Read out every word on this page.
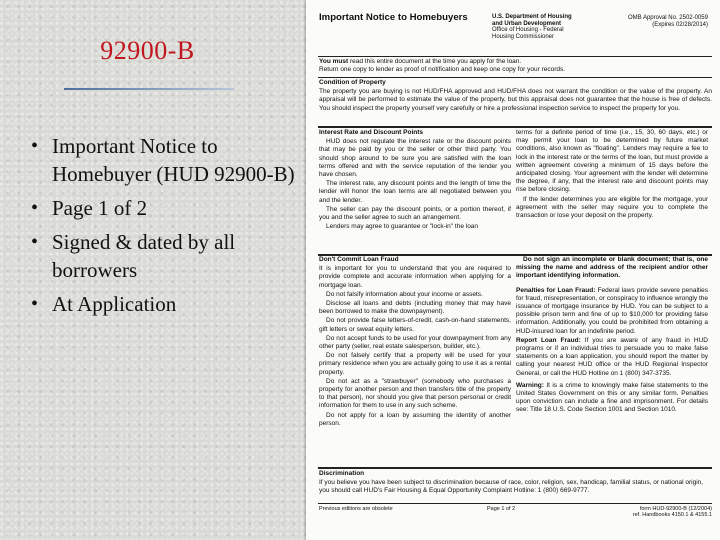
92900-B
• Important Notice to Homebuyer (HUD 92900-B)
• Page 1 of 2
• Signed & dated by all borrowers
• At Application
Important Notice to Homebuyers	U.S. Department of Housing
and Urban Development
Office of Housing - Federal
Housing Commissioner
OMB Approval No. 2502-0059
(Expires 02/28/2014)
You must read this entire document at the time you apply for the loan.
Return one copy to lender as proof of notification and keep one copy for your records.
Condition of Property
The property you are buying is not HUD/FHA approved and HUD/FHA does not warrant the condition or the value of the property. An appraisal will be performed to estimate the value of the property, but this appraisal does not guarantee that the house is free of defects. You should inspect the property yourself very carefully or hire a professional inspection service to inspect the property for you.
Interest Rate and Discount Points

HUD does not regulate the interest rate or the discount points that may be paid by you or the seller or other third party. You should shop around to be sure you are satisfied with the loan terms offered and with the service reputation of the lender you have chosen.

The interest rate, any discount points and the length of time the lender will honor the loan terms are all negotiated between you and the lender.

The seller can pay the discount points, or a portion thereof, if you and the seller agree to such an arrangement.

Lenders may agree to guarantee or "lock-in" the loan

terms for a definite period of time (i.e., 15, 30, 60 days, etc.) or may permit your loan to be determined by future market conditions, also known as "floating". Lenders may require a fee to lock in the interest rate or the terms of the loan, but must provide a written agreement covering a minimum of 15 days before the anticipated closing. Your agreement with the lender will determine the degree, if any, that the interest rate and discount points may rise before closing.

If the lender determines you are eligible for the mortgage, your agreement with the seller may require you to complete the transaction or lose your deposit on the property.

Don't Commit Loan Fraud

It is important for you to understand that you are required to provide complete and accurate information when applying for a mortgage loan.

Do not falsify information about your income or assets.

Disclose all loans and debts (including money that may have been borrowed to make the downpayment).

Do not provide false letters-of-credit, cash-on-hand statements, gift letters or sweat equity letters.

Do not accept funds to be used for your downpayment from any other party (seller, real estate salesperson, builder, etc.).

Do not falsely certify that a property will be used for your primary residence when you are actually going to use it as a rental property.

Do not act as a "strawbuyer" (somebody who purchases a property for another person and then transfers title of the property to that person), nor should you give that person personal or credit information for them to use in any such scheme.

Do not apply for a loan by assuming the identity of another person.

Do not sign an incomplete or blank document; that is, one missing the name and address of the recipient and/or other important identifying information.

Penalties for Loan Fraud: Federal laws provide severe penalties for fraud, misrepresentation, or conspiracy to influence wrongly the issuance of mortgage insurance by HUD. You can be subject to a possible prison term and fine of up to $10,000 for providing false information. Additionally, you could be prohibited from obtaining a HUD-insured loan for an indefinite period.

Report Loan Fraud: If you are aware of any fraud in HUD programs or if an individual tries to persuade you to make false statements on a loan application, you should report the matter by calling your nearest HUD office or the HUD Regional Inspector General, or call the HUD Hotline on 1 (800) 347-3735.

Warning: It is a crime to knowingly make false statements to the United States Government on this or any similar form. Penalties upon conviction can include a fine and imprisonment. For details see: Title 18 U.S. Code Section 1001 and Section 1010.

Discrimination
If you believe you have been subject to discrimination because of race, color, religion, sex, handicap, familial status, or national origin, you should call HUD's Fair Housing & Equal Opportunity Complaint Hotline: 1 (800) 669-9777.
Previous editions are obsolete	Page 1 of 2	form HUD-92900-B (12/2004)
ref. Handbooks 4150.1 & 4155.1
